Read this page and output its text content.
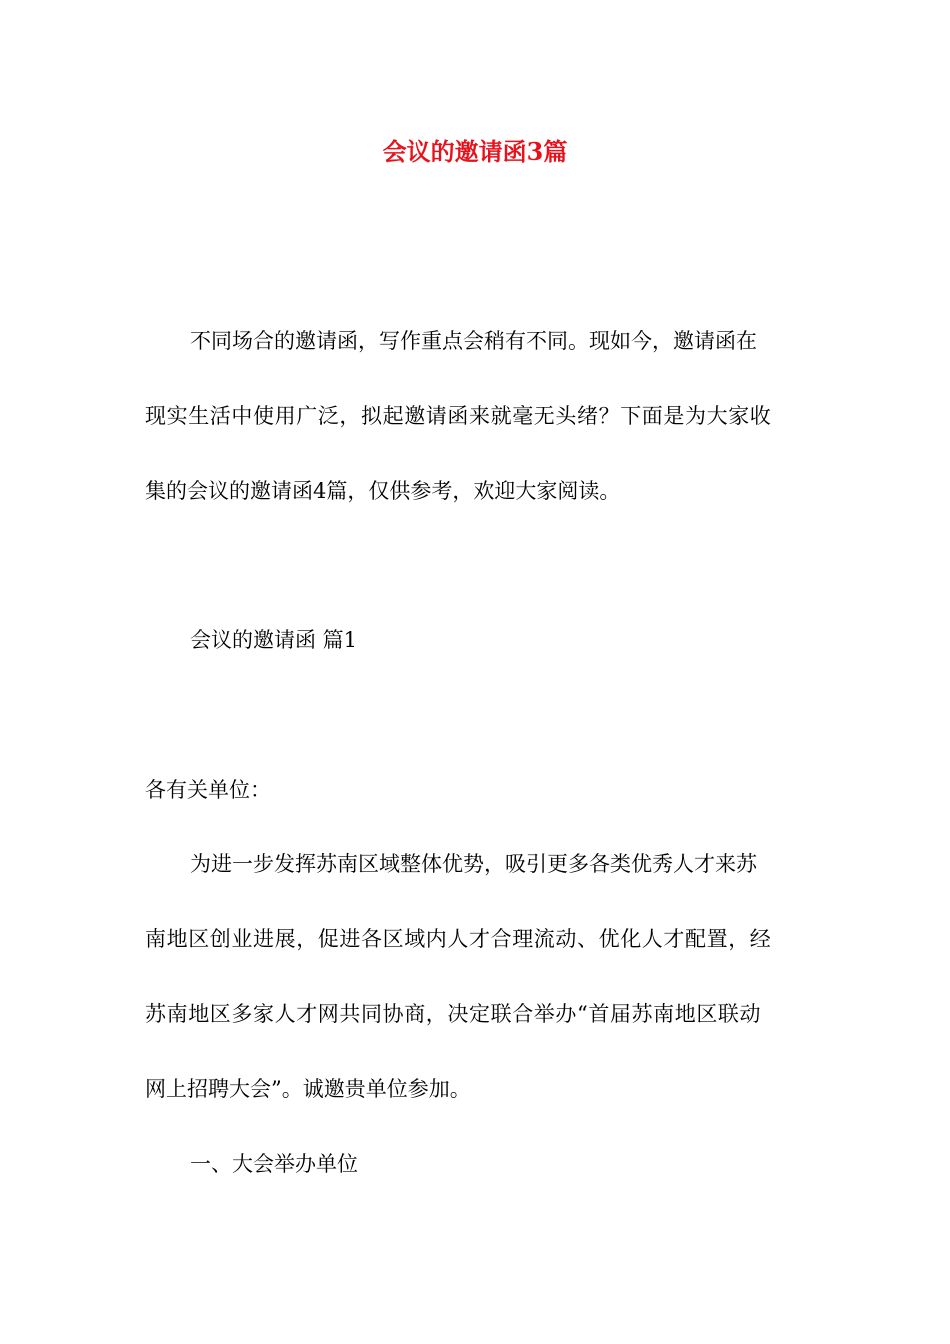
会议的邀请函3篇

不同场合的邀请函，写作重点会稍有不同。现如今，邀请函在

现实生活中使用广泛，拟起邀请函来就毫无头绪？下面是为大家收

集的会议的邀请函4篇，仅供参考，欢迎大家阅读。

会议的邀请函 篇1

各有关单位：

为进一步发挥苏南区域整体优势，吸引更多各类优秀人才来苏

南地区创业进展，促进各区域内人才合理流动、优化人才配置，经

苏南地区多家人才网共同协商，决定联合举办“首届苏南地区联动

网上招聘大会”。诚邀贵单位参加。

一、大会举办单位
